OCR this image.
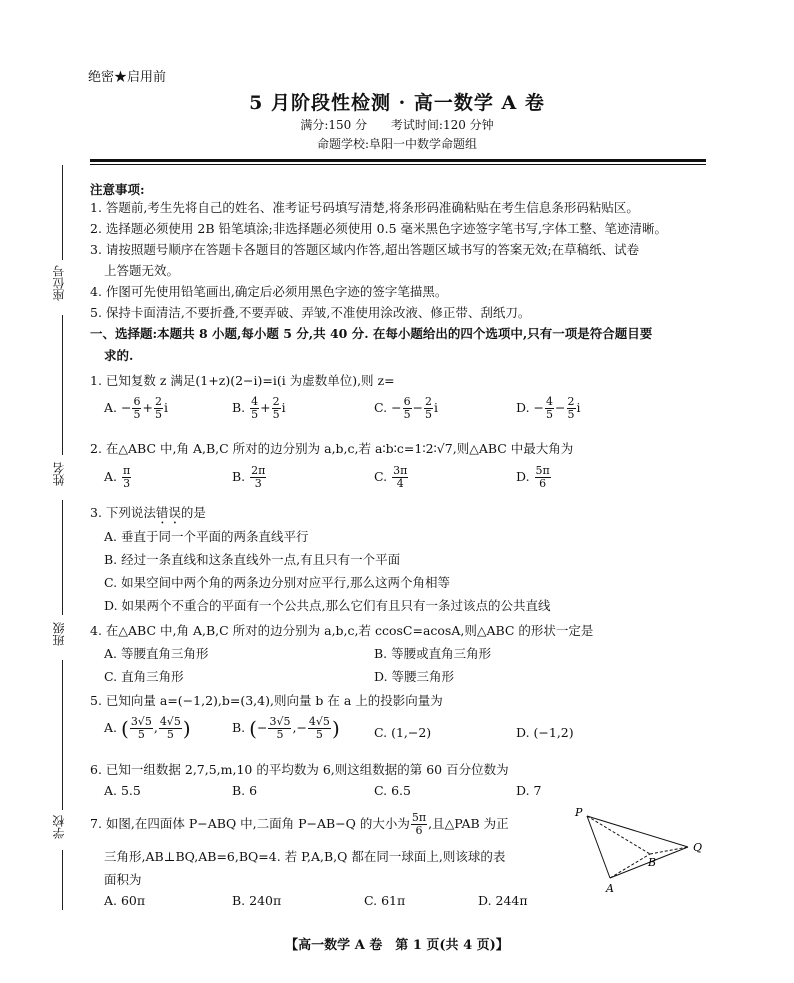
绝密★启用前
5 月阶段性检测 · 高一数学 A 卷
满分:150 分 考试时间:120 分钟
命题学校:阜阳一中数学命题组
座位号
姓名
班级
学校
注意事项:
1. 答题前,考生先将自己的姓名、准考证号码填写清楚,将条形码准确粘贴在考生信息条形码粘贴区。
2. 选择题必须使用 2B 铅笔填涂;非选择题必须使用 0.5 毫米黑色字迹签字笔书写,字体工整、笔迹清晰。
3. 请按照题号顺序在答题卡各题目的答题区域内作答,超出答题区域书写的答案无效;在草稿纸、试卷
上答题无效。
4. 作图可先使用铅笔画出,确定后必须用黑色字迹的签字笔描黑。
5. 保持卡面清洁,不要折叠,不要弄破、弄皱,不准使用涂改液、修正带、刮纸刀。
一、选择题:本题共 8 小题,每小题 5 分,共 40 分. 在每小题给出的四个选项中,只有一项是符合题目要
求的.
1. 已知复数 z 满足(1+z)(2−i)=i(i 为虚数单位),则 z=
A. − $\frac{6}{5} + \frac{2}{5}$ i	B. $\frac{4}{5} + \frac{2}{5}$ i	C. − $\frac{6}{5} - \frac{2}{5}$ i	D. − $\frac{4}{5} - \frac{2}{5}$ i
2. 在△ABC 中,角 A,B,C 所对的边分别为 a,b,c,若 a∶b∶c=1∶2∶√7,则△ABC 中最大角为
A. $\frac{\pi}{3}$	B. $\frac{2\pi}{3}$	C. $\frac{3\pi}{4}$	D. $\frac{5\pi}{6}$
3. 下列说法错误的是
A. 垂直于同一个平面的两条直线平行
B. 经过一条直线和这条直线外一点,有且只有一个平面
C. 如果空间中两个角的两条边分别对应平行,那么这两个角相等
D. 如果两个不重合的平面有一个公共点,那么它们有且只有一条过该点的公共直线
4. 在△ABC 中,角 A,B,C 所对的边分别为 a,b,c,若 ccosC=acosA,则△ABC 的形状一定是
A. 等腰直角三角形	B. 等腰或直角三角形
C. 直角三角形	D. 等腰三角形
5. 已知向量 a=(−1,2),b=(3,4),则向量 b 在 a 上的投影向量为
A. ( $\frac{3√5}{5}$ , $\frac{4√5}{5}$ )	B. (− $\frac{3√5}{5}$ ,− $\frac{4√5}{5}$ )	C. (1,−2)	D. (−1,2)
6. 已知一组数据 2,7,5,m,10 的平均数为 6,则这组数据的第 60 百分位数为
A. 5.5	B. 6	C. 6.5	D. 7
7. 如图,在四面体 P−ABQ 中,二面角 P−AB−Q 的大小为 $\frac{5\pi}{6}$ ,且△PAB 为正
三角形,AB⊥BQ,AB=6,BQ=4. 若 P,A,B,Q 都在同一球面上,则该球的表
面积为
A. 60π	B. 240π	C. 61π	D. 244π
P
Q
B
A
【高一数学 A 卷　第 1 页(共 4 页)】
